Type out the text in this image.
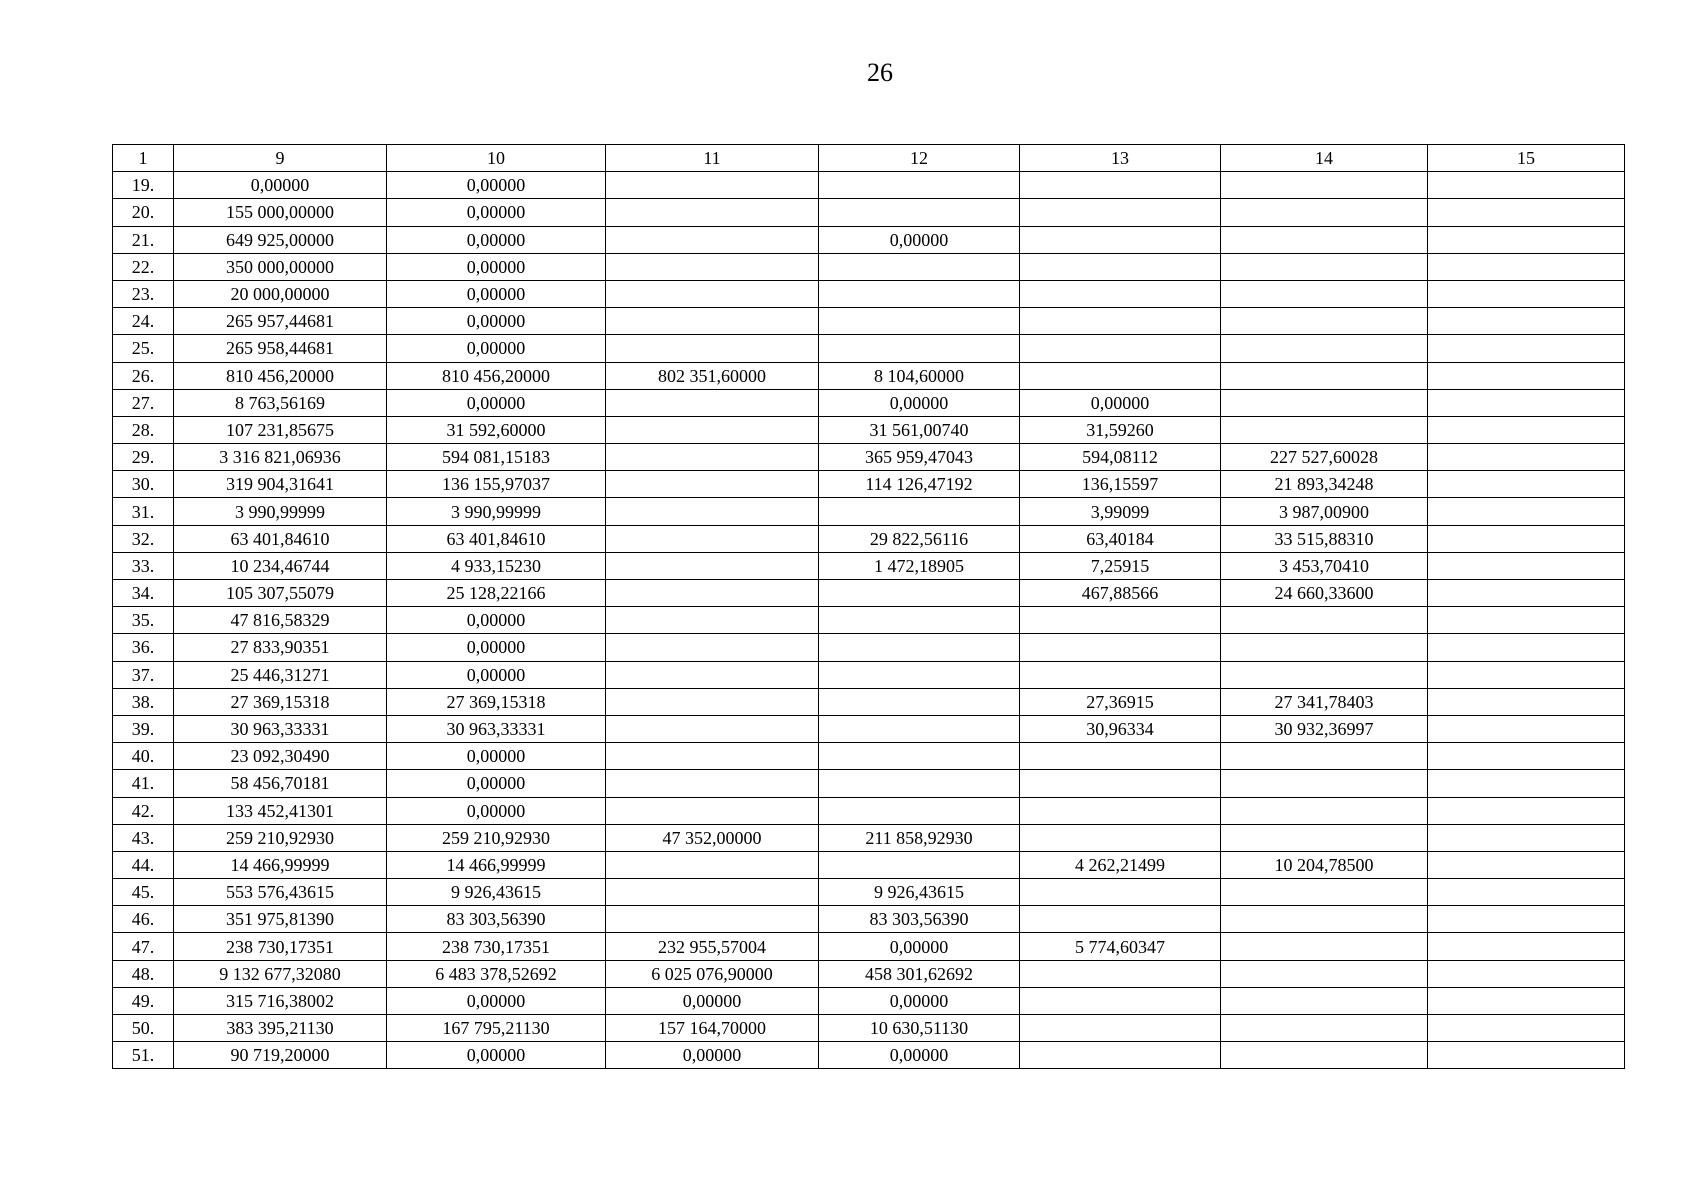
26
1	9	10	11	12	13	14	15
19.	0,00000	0,00000					
20.	155 000,00000	0,00000					
21.	649 925,00000	0,00000		0,00000			
22.	350 000,00000	0,00000					
23.	20 000,00000	0,00000					
24.	265 957,44681	0,00000					
25.	265 958,44681	0,00000					
26.	810 456,20000	810 456,20000	802 351,60000	8 104,60000			
27.	8 763,56169	0,00000		0,00000	0,00000		
28.	107 231,85675	31 592,60000		31 561,00740	31,59260		
29.	3 316 821,06936	594 081,15183		365 959,47043	594,08112	227 527,60028	
30.	319 904,31641	136 155,97037		114 126,47192	136,15597	21 893,34248	
31.	3 990,99999	3 990,99999			3,99099	3 987,00900	
32.	63 401,84610	63 401,84610		29 822,56116	63,40184	33 515,88310	
33.	10 234,46744	4 933,15230		1 472,18905	7,25915	3 453,70410	
34.	105 307,55079	25 128,22166			467,88566	24 660,33600	
35.	47 816,58329	0,00000					
36.	27 833,90351	0,00000					
37.	25 446,31271	0,00000					
38.	27 369,15318	27 369,15318			27,36915	27 341,78403	
39.	30 963,33331	30 963,33331			30,96334	30 932,36997	
40.	23 092,30490	0,00000					
41.	58 456,70181	0,00000					
42.	133 452,41301	0,00000					
43.	259 210,92930	259 210,92930	47 352,00000	211 858,92930			
44.	14 466,99999	14 466,99999			4 262,21499	10 204,78500	
45.	553 576,43615	9 926,43615		9 926,43615			
46.	351 975,81390	83 303,56390		83 303,56390			
47.	238 730,17351	238 730,17351	232 955,57004	0,00000	5 774,60347		
48.	9 132 677,32080	6 483 378,52692	6 025 076,90000	458 301,62692			
49.	315 716,38002	0,00000	0,00000	0,00000			
50.	383 395,21130	167 795,21130	157 164,70000	10 630,51130			
51.	90 719,20000	0,00000	0,00000	0,00000			
